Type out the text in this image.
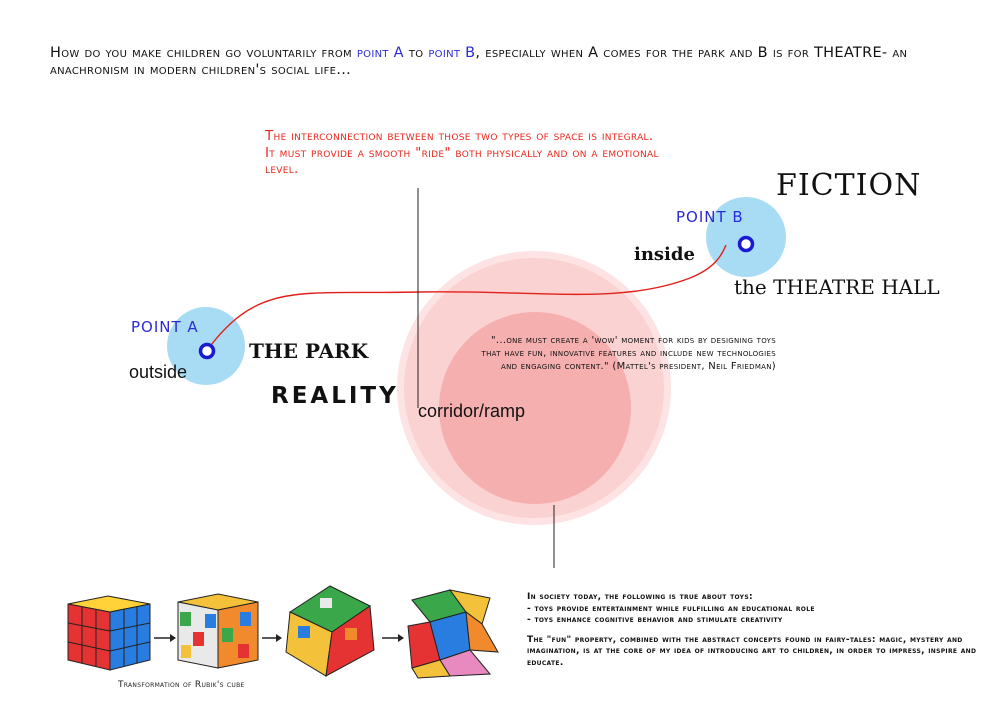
How do you make children go voluntarily from point A to point B, especially when A comes for the park and B is for THEATRE- an anachronism in modern children's social life...
The interconnection between those two types of space is integral. It must provide a smooth "ride" both physically and on a emotional level.	FICTION
POINT B
inside
the THEATRE HALL
POINT A
THE PARK
outside
REALITY
corridor/ramp
"...one must create a 'wow' moment for kids by designing toys that have fun, innovative features and include new technologies and engaging content." (Mattel's president, Neil Friedman)

In society today, the following is true about toys:

- toys provide entertainment while fulfilling an educational role

- toys enhance cognitive behavior and stimulate creativity

The "fun" property, combined with the abstract concepts found in fairy-tales: magic, mystery and imagination, is at the core of my idea of introducing art to children, in order to impress, inspire and educate.

Transformation of Rubik's cube
